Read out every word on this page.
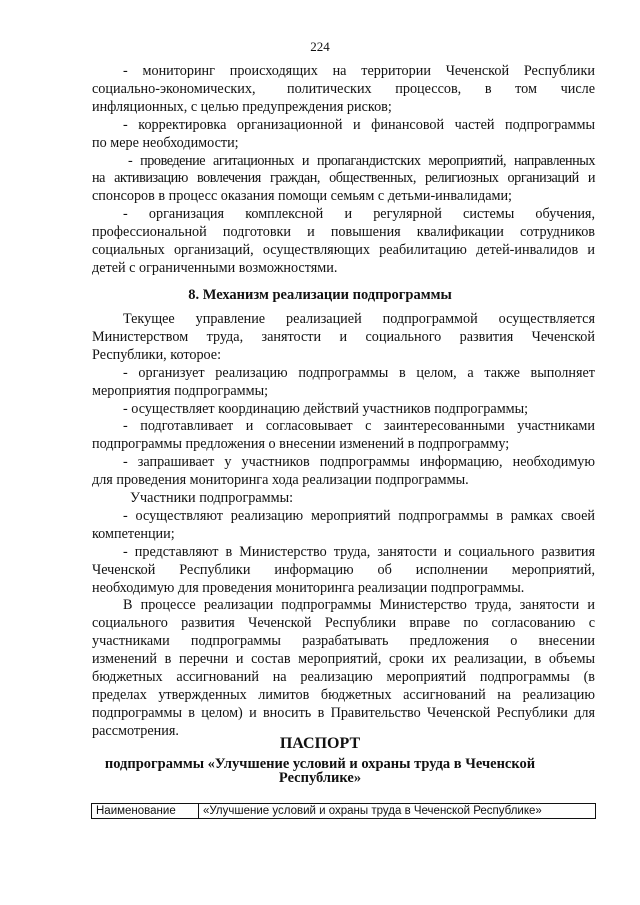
224
- мониторинг происходящих на территории Чеченской Республики
социально-экономических,    политических   процессов,   в   том   числе
инфляционных, с целью предупреждения рисков;
- корректировка организационной и финансовой частей подпрограммы
по мере необходимости;
- проведение агитационных и пропагандистских мероприятий, направленных
на активизацию вовлечения граждан, общественных, религиозных организаций и
спонсоров в процесс оказания помощи семьям с детьми-инвалидами;
-   организация   комплексной   и   регулярной   системы   обучения,
профессиональной подготовки и повышения квалификации сотрудников
социальных организаций, осуществляющих реабилитацию детей-инвалидов и
детей с ограниченными возможностями.
8. Механизм реализации подпрограммы
Текущее управление реализацией подпрограммой осуществляется
Министерством труда, занятости и социального развития Чеченской
Республики, которое:
- организует реализацию подпрограммы в целом, а также выполняет
мероприятия подпрограммы;
- осуществляет координацию действий участников подпрограммы;
- подготавливает и согласовывает с заинтересованными участниками
подпрограммы предложения о внесении изменений в подпрограмму;
- запрашивает у участников подпрограммы информацию, необходимую
для проведения мониторинга хода реализации подпрограммы.
Участники подпрограммы:
- осуществляют реализацию мероприятий подпрограммы в рамках своей
компетенции;
- представляют в Министерство труда, занятости и социального развития
Чеченской Республики информацию об исполнении мероприятий,
необходимую для проведения мониторинга реализации подпрограммы.
В процессе реализации подпрограммы Министерство труда, занятости и
социального развития Чеченской Республики вправе по согласованию с
участниками подпрограммы разрабатывать предложения о внесении
изменений в перечни и состав мероприятий, сроки их реализации, в объемы
бюджетных ассигнований на реализацию мероприятий подпрограммы (в
пределах утвержденных лимитов бюджетных ассигнований на реализацию
подпрограммы в целом) и вносить в Правительство Чеченской Республики для
рассмотрения.
ПАСПОРТ
подпрограммы «Улучшение условий и охраны труда в Чеченской
Республике»
Наименование	«Улучшение условий и охраны труда в Чеченской Республике»
